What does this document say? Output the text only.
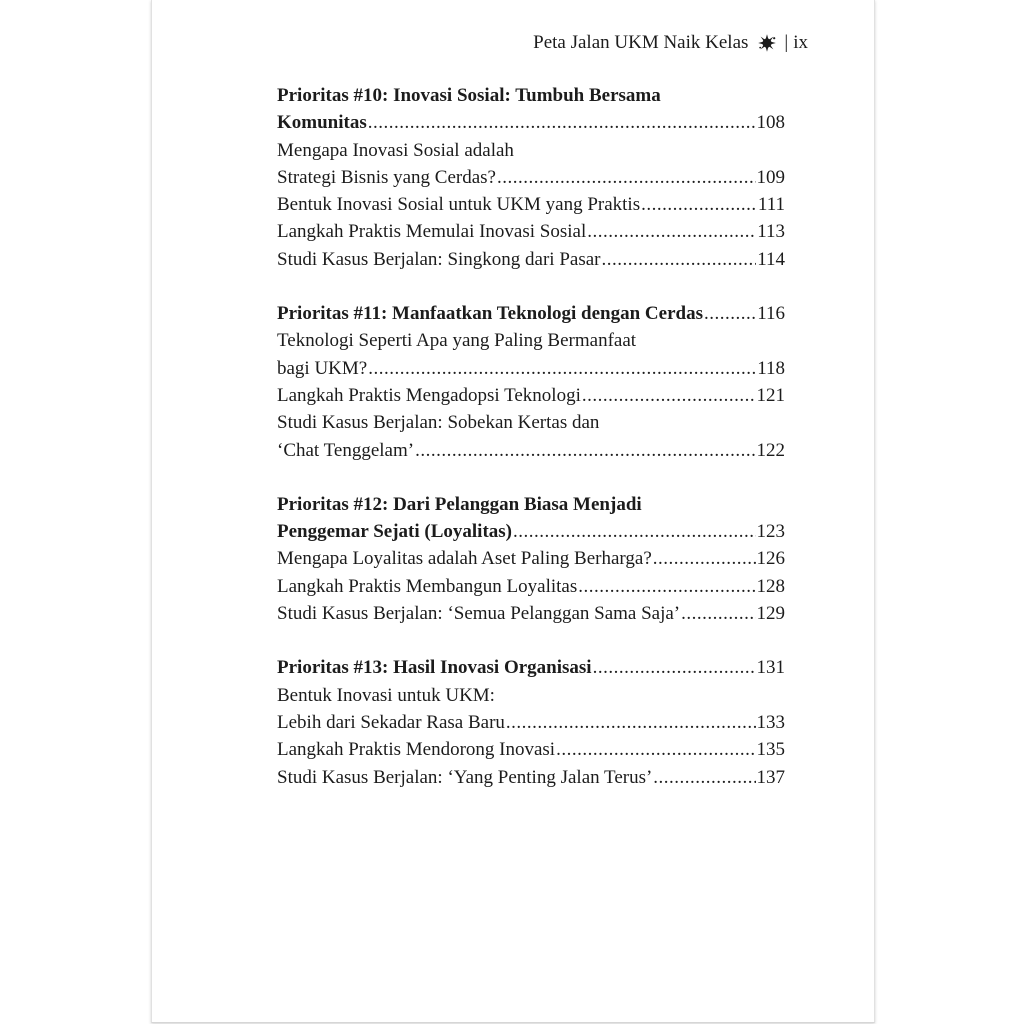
Peta Jalan UKM Naik Kelas | ix
Prioritas #10: Inovasi Sosial: Tumbuh Bersama
Komunitas .....	108
Mengapa Inovasi Sosial adalah
Strategi Bisnis yang Cerdas? .....	109
Bentuk Inovasi Sosial untuk UKM yang Praktis .....	111
Langkah Praktis Memulai Inovasi Sosial .....	113
Studi Kasus Berjalan: Singkong dari Pasar .....	114
Prioritas #11: Manfaatkan Teknologi dengan Cerdas .....	116
Teknologi Seperti Apa yang Paling Bermanfaat
bagi UKM? .....	118
Langkah Praktis Mengadopsi Teknologi .....	121
Studi Kasus Berjalan: Sobekan Kertas dan
‘Chat Tenggelam’ .....	122
Prioritas #12: Dari Pelanggan Biasa Menjadi
Penggemar Sejati (Loyalitas) .....	123
Mengapa Loyalitas adalah Aset Paling Berharga? .....	126
Langkah Praktis Membangun Loyalitas .....	128
Studi Kasus Berjalan: ‘Semua Pelanggan Sama Saja’ .....	129
Prioritas #13: Hasil Inovasi Organisasi .....	131
Bentuk Inovasi untuk UKM:
Lebih dari Sekadar Rasa Baru .....	133
Langkah Praktis Mendorong Inovasi .....	135
Studi Kasus Berjalan: ‘Yang Penting Jalan Terus’ .....	137
